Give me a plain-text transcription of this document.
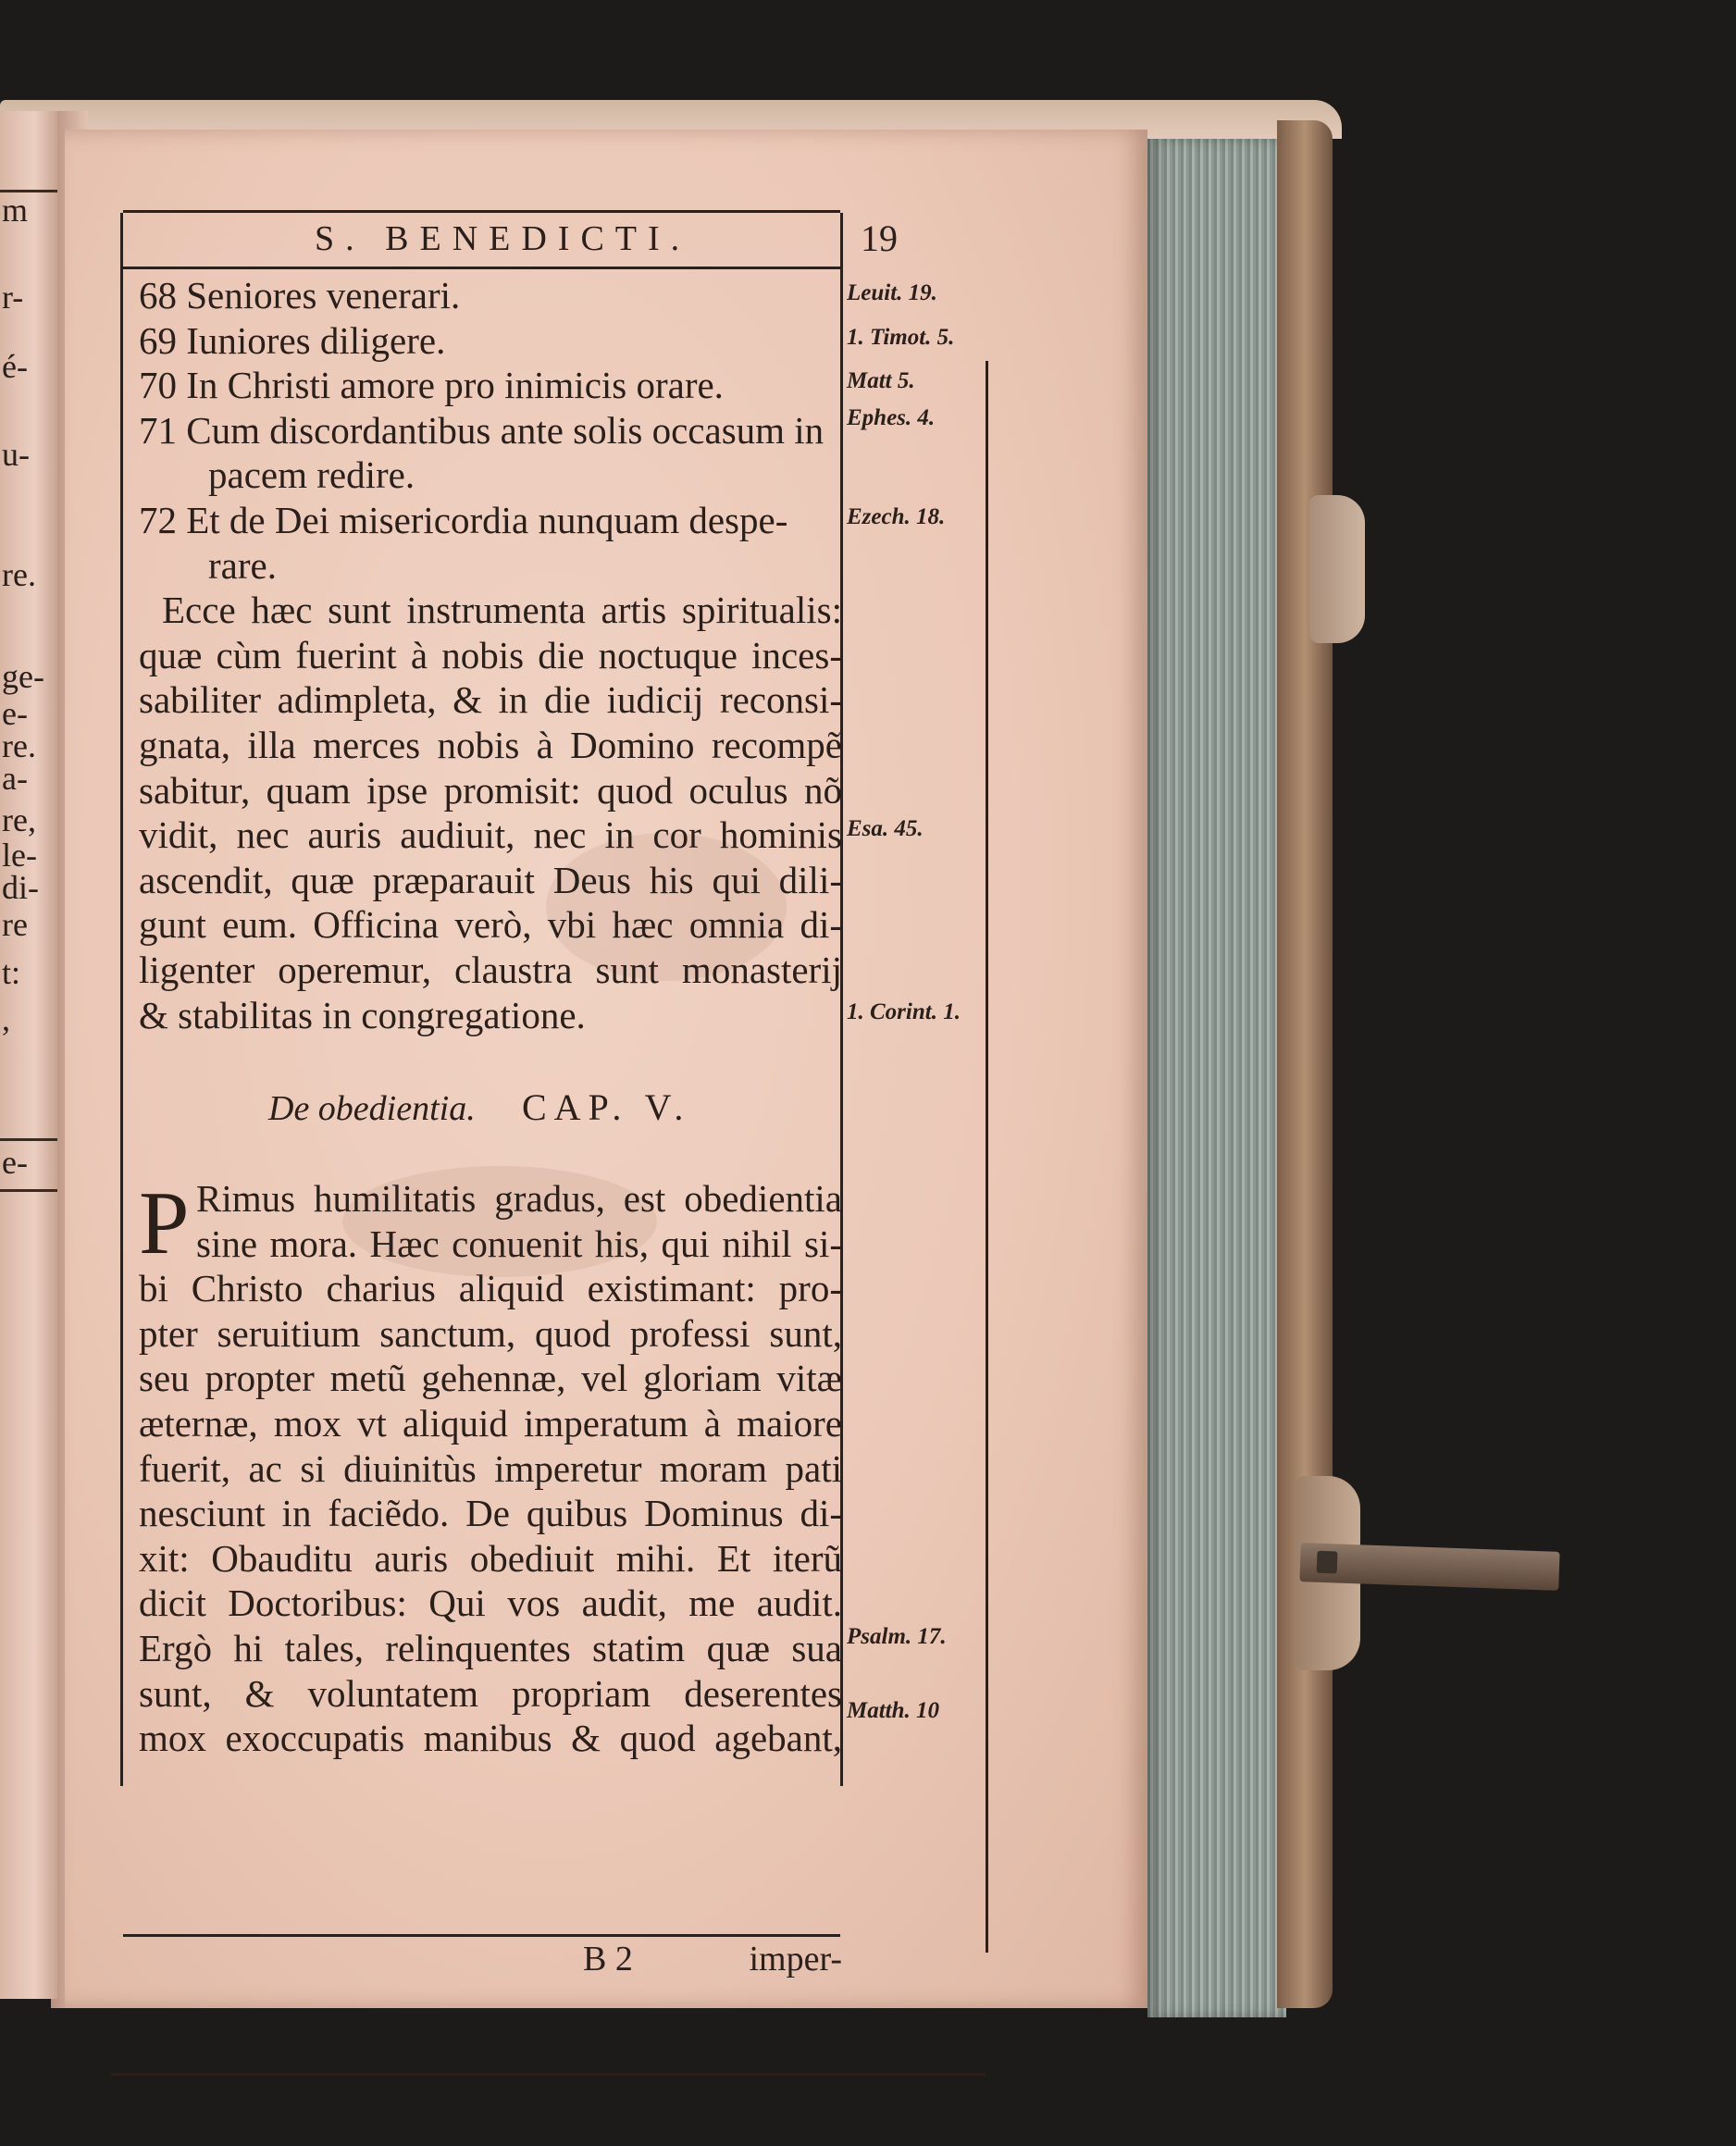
m
r-
é-
u-
re.
ge-
e-
re.
a-
re,
le-
di-
re
t:
,
e-
S. BENEDICTI.	19
68 Seniores venerari.
69 Iuniores diligere.
70 In Christi amore pro inimicis orare.
71 Cum discordantibus ante solis occasum in
pacem redire.
72 Et de Dei misericordia nunquam despe-
rare.
Ecce hæc sunt instrumenta artis spiritualis:
quæ cùm fuerint à nobis die noctuque inces-
sabiliter adimpleta, & in die iudicij reconsi-
gnata, illa merces nobis à Domino recompẽ
sabitur, quam ipse promisit: quod oculus nõ
vidit, nec auris audiuit, nec in cor hominis
ascendit, quæ præparauit Deus his qui dili-
gunt eum. Officina verò, vbi hæc omnia di-
ligenter operemur, claustra sunt monasterij
& stabilitas in congregatione.
De obedientia. CAP. V.
P Rimus humilitatis gradus, est obedientia
sine mora. Hæc conuenit his, qui nihil si-
bi Christo charius aliquid existimant: pro-
pter seruitium sanctum, quod professi sunt,
seu propter metũ gehennæ, vel gloriam vitæ
æternæ, mox vt aliquid imperatum à maiore
fuerit, ac si diuinitùs imperetur moram pati
nesciunt in faciẽdo. De quibus Dominus di-
xit: Obauditu auris obediuit mihi. Et iterũ
dicit Doctoribus: Qui vos audit, me audit.
Ergò hi tales, relinquentes statim quæ sua
sunt, & voluntatem propriam deserentes
mox exoccupatis manibus & quod agebant,
Leuit. 19.
1. Timot. 5.
Matt 5.
Ephes. 4.
Ezech. 18.
Esa. 45.
1. Corint. 1.
Psalm. 17.
Matth. 10
B 2	imper-
